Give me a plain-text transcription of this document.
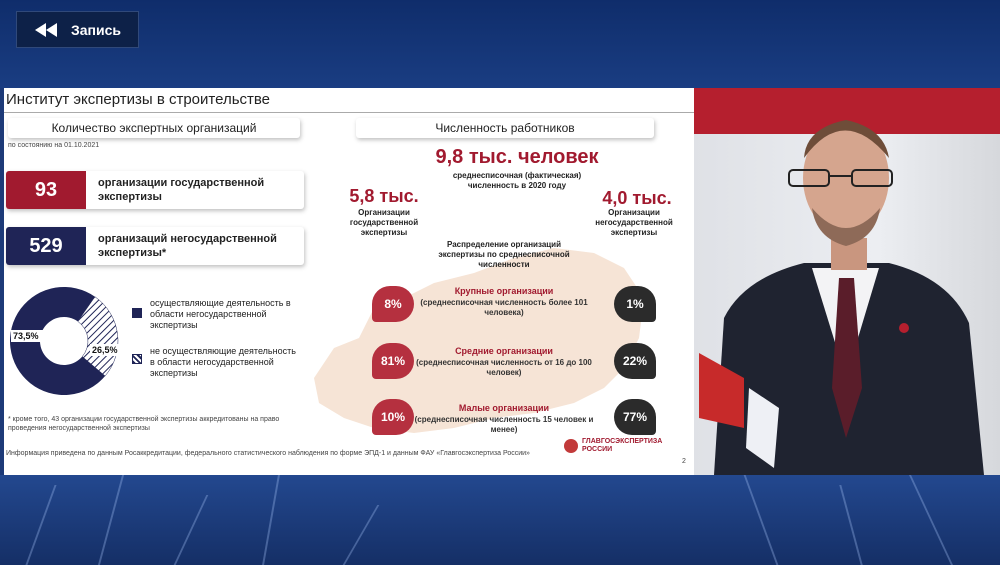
Запись
Институт экспертизы в строительстве
Количество экспертных организаций
по состоянию на 01.10.2021
93	организации государственной экспертизы
529	организаций негосударственной экспертизы*
73,5%
26,5%
осуществляющие деятельность в области негосударственной экспертизы
не осуществляющие деятельность в области негосударственной экспертизы
* кроме того, 43 организации государственной экспертизы аккредитованы на право проведения негосударственной экспертизы
Информация приведена по данным Росаккредитации, федерального статистического наблюдения по форме ЭПД-1 и данным ФАУ «Главгосэкспертиза России»
Численность работников
9,8 тыс. человек
среднесписочная (фактическая) численность в 2020 году
5,8 тыс.
Организации государственной экспертизы
4,0 тыс.
Организации негосударственной экспертизы
Распределение организаций экспертизы по среднесписочной численности
8%
Крупные организации
(среднесписочная численность более 101 человека)
1%
81%
Средние организации
(среднесписочная численность от 16 до 100 человек)
22%
10%
Малые организации
(среднесписочная численность 15 человек и менее)
77%
ГЛАВГОСЭКСПЕРТИЗА
РОССИИ
2
